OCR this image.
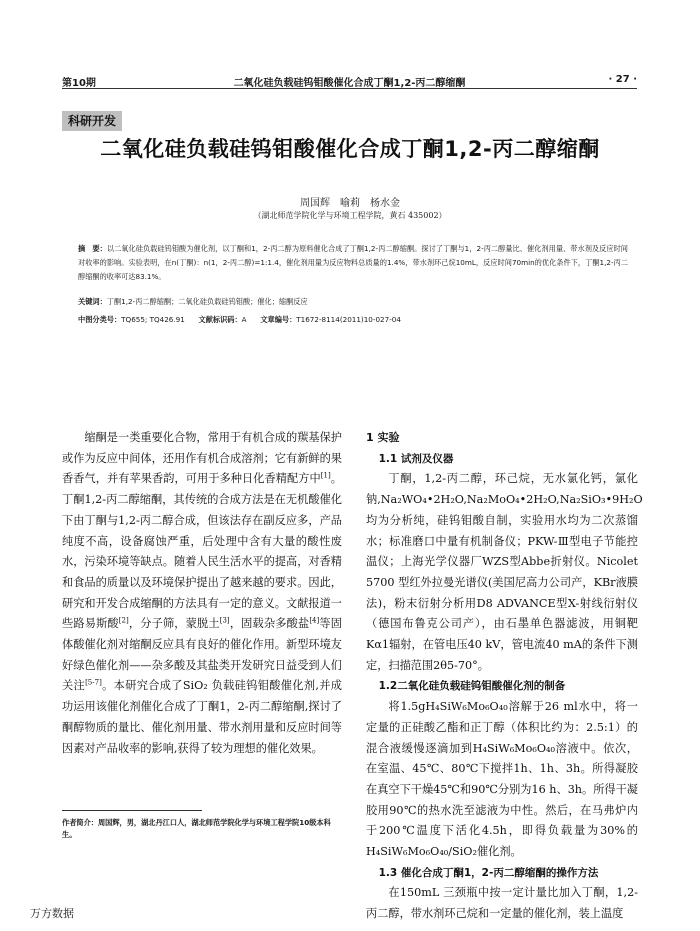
第10期	二氧化硅负载硅钨钼酸催化合成丁酮1,2-丙二醇缩酮	· 27 ·
科研开发
二氧化硅负载硅钨钼酸催化合成丁酮1,2-丙二醇缩酮
周国辉　喻莉　杨水金
（湖北师范学院化学与环境工程学院，黄石 435002）
摘　要：以二氧化硅负载硅钨钼酸为催化剂，以丁酮和1，2-丙二醇为原料催化合成了丁酮1,2-丙二醇缩酮。探讨了丁酮与1，2-丙二醇量比、催化剂用量、带水剂及反应时间对收率的影响。实验表明，在n(丁酮)：n(1，2-丙二醇)=1:1.4，催化剂用量为反应物料总质量的1.4%，带水剂环己烷10mL，反应时间70min的优化条件下，丁酮1,2-丙二醇缩酮的收率可达83.1%。
关键词：丁酮1,2-丙二醇缩酮；二氧化硅负载硅钨钼酸；催化；缩酮反应
中图分类号：TQ655; TQ426.91 文献标识码：A 文章编号：T1672-8114(2011)10-027-04

缩酮是一类重要化合物，常用于有机合成的羰基保护或作为反应中间体，还用作有机合成溶剂；它有新鲜的果香香气，并有苹果香韵，可用于多种日化香精配方中[1]。丁酮1,2-丙二醇缩酮，其传统的合成方法是在无机酸催化下由丁酮与1,2-丙二醇合成，但该法存在副反应多，产品纯度不高，设备腐蚀严重，后处理中含有大量的酸性废水，污染环境等缺点。随着人民生活水平的提高，对香精和食品的质量以及环境保护提出了越来越的要求。因此，研究和开发合成缩酮的方法具有一定的意义。文献报道一些路易斯酸[2]，分子筛，蒙脱土[3]，固载杂多酸盐[4]等固体酸催化剂对缩酮反应具有良好的催化作用。新型环境友好绿色催化剂——杂多酸及其盐类开发研究日益受到人们关注[5-7]。本研究合成了SiO₂ 负载硅钨钼酸催化剂,并成功运用该催化剂催化合成了丁酮1，2-丙二醇缩酮,探讨了酮醇物质的量比、催化剂用量、带水剂用量和反应时间等因素对产品收率的影响,获得了较为理想的催化效果。

1 实验
1.1 试剂及仪器

丁酮，1,2-丙二醇，环己烷，无水氯化钙，氯化钠,Na₂WO₄•2H₂O,Na₂MoO₄•2H₂O,Na₂SiO₃•9H₂O均为分析纯，硅钨钼酸自制，实验用水均为二次蒸馏水；标准磨口中量有机制备仪；PKW-Ⅲ型电子节能控温仪；上海光学仪器厂WZS型Abbe折射仪。Nicolet 5700 型红外拉曼光谱仪(美国尼高力公司产，KBr液膜法)，粉末衍射分析用D8 ADVANCE型X-射线衍射仪（德国布鲁克公司产），由石墨单色器滤波，用铜靶Kα1辐射，在管电压40 kV，管电流40 mA的条件下测定，扫描范围2θ5-70°。

1.2二氧化硅负载硅钨钼酸催化剂的制备

将1.5gH₄SiW₆Mo₆O₄₀溶解于26 ml水中，将一定量的正硅酸乙酯和正丁醇（体积比约为：2.5:1）的混合液缓慢逐滴加到H₄SiW₆Mo₆O₄₀溶液中。依次，在室温、45℃、80℃下搅拌1h、1h、3h。所得凝胶在真空下干燥45℃和90℃分别为16 h、3h。所得干凝胶用90℃的热水洗至滤液为中性。然后，在马弗炉内于200℃温度下活化4.5h，即得负载量为30%的H₄SiW₆Mo₆O₄₀/SiO₂催化剂。

1.3 催化合成丁酮1，2-丙二醇缩酮的操作方法

在150mL 三颈瓶中按一定计量比加入丁酮，1,2-丙二醇，带水剂环己烷和一定量的催化剂，装上温度

作者简介：周国辉，男，湖北丹江口人，湖北师范学院化学与环境工程学院10级本科生。
万方数据
